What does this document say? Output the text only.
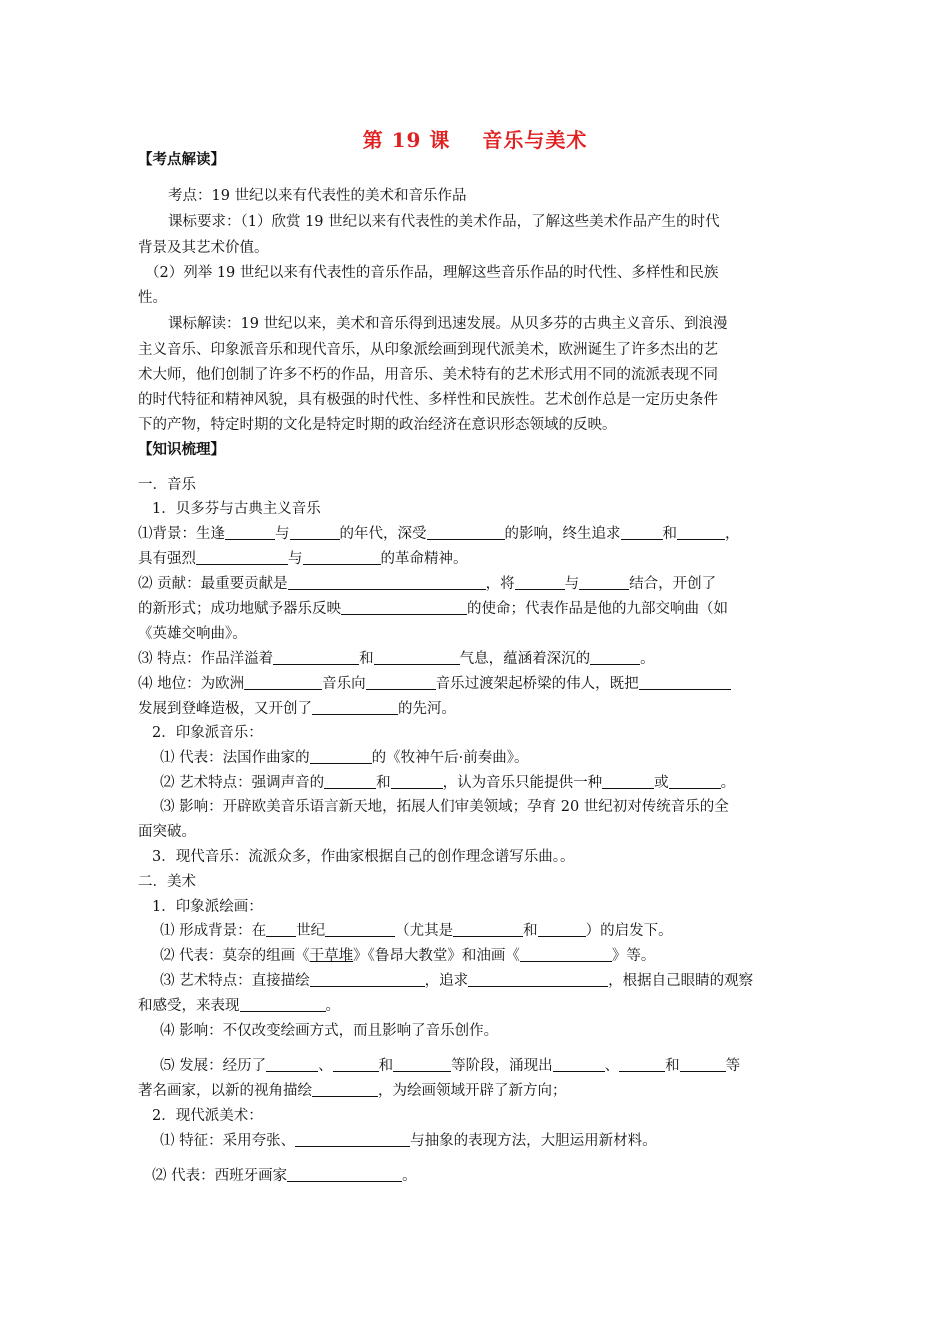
第 19 课 音乐与美术
【考点解读】
考点：19 世纪以来有代表性的美术和音乐作品
课标要求：（1）欣赏 19 世纪以来有代表性的美术作品，了解这些美术作品产生的时代
背景及其艺术价值。
（2）列举 19 世纪以来有代表性的音乐作品，理解这些音乐作品的时代性、多样性和民族
性。
课标解读：19 世纪以来，美术和音乐得到迅速发展。从贝多芬的古典主义音乐、到浪漫
主义音乐、印象派音乐和现代音乐，从印象派绘画到现代派美术，欧洲诞生了许多杰出的艺
术大师，他们创制了许多不朽的作品，用音乐、美术特有的艺术形式用不同的流派表现不同
的时代特征和精神风貌，具有极强的时代性、多样性和民族性。艺术创作总是一定历史条件
下的产物，特定时期的文化是特定时期的政治经济在意识形态领域的反映。
【知识梳理】
一．音乐
1．贝多芬与古典主义音乐
⑴背景：生逢	与	的年代，深受	的影响，终生追求	和	，
具有强烈	与	的革命精神。
⑵ 贡献：最重要贡献是	，将	与	结合，开创了
的新形式；成功地赋予器乐反映	的使命；代表作品是他的九部交响曲（如
《英雄交响曲》。
⑶ 特点：作品洋溢着	和	气息，蕴涵着深沉的	。
⑷ 地位：为欧洲	音乐向	音乐过渡架起桥梁的伟人，既把
发展到登峰造极，又开创了	的先河。
2．印象派音乐：
⑴ 代表：法国作曲家的	的《牧神午后·前奏曲》。
⑵ 艺术特点：强调声音的	和	，认为音乐只能提供一种	或	。
⑶ 影响：开辟欧美音乐语言新天地，拓展人们审美领域；孕育 20 世纪初对传统音乐的全
面突破。
3．现代音乐：流派众多，作曲家根据自己的创作理念谱写乐曲。。
二．美术
1．印象派绘画：
⑴ 形成背景：在 世纪	（尤其是	和	）的启发下。
⑵ 代表：莫奈的组画《干草堆》《鲁昂大教堂》和油画《	》等。
⑶ 艺术特点：直接描绘	，追求	，根据自己眼睛的观察
和感受，来表现	。
⑷ 影响：不仅改变绘画方式，而且影响了音乐创作。
⑸ 发展：经历了	、	和	等阶段，涌现出	、	和	等
著名画家，以新的视角描绘	，为绘画领域开辟了新方向；
2．现代派美术：
⑴ 特征：采用夸张、	与抽象的表现方法，大胆运用新材料。
⑵ 代表：西班牙画家	。
